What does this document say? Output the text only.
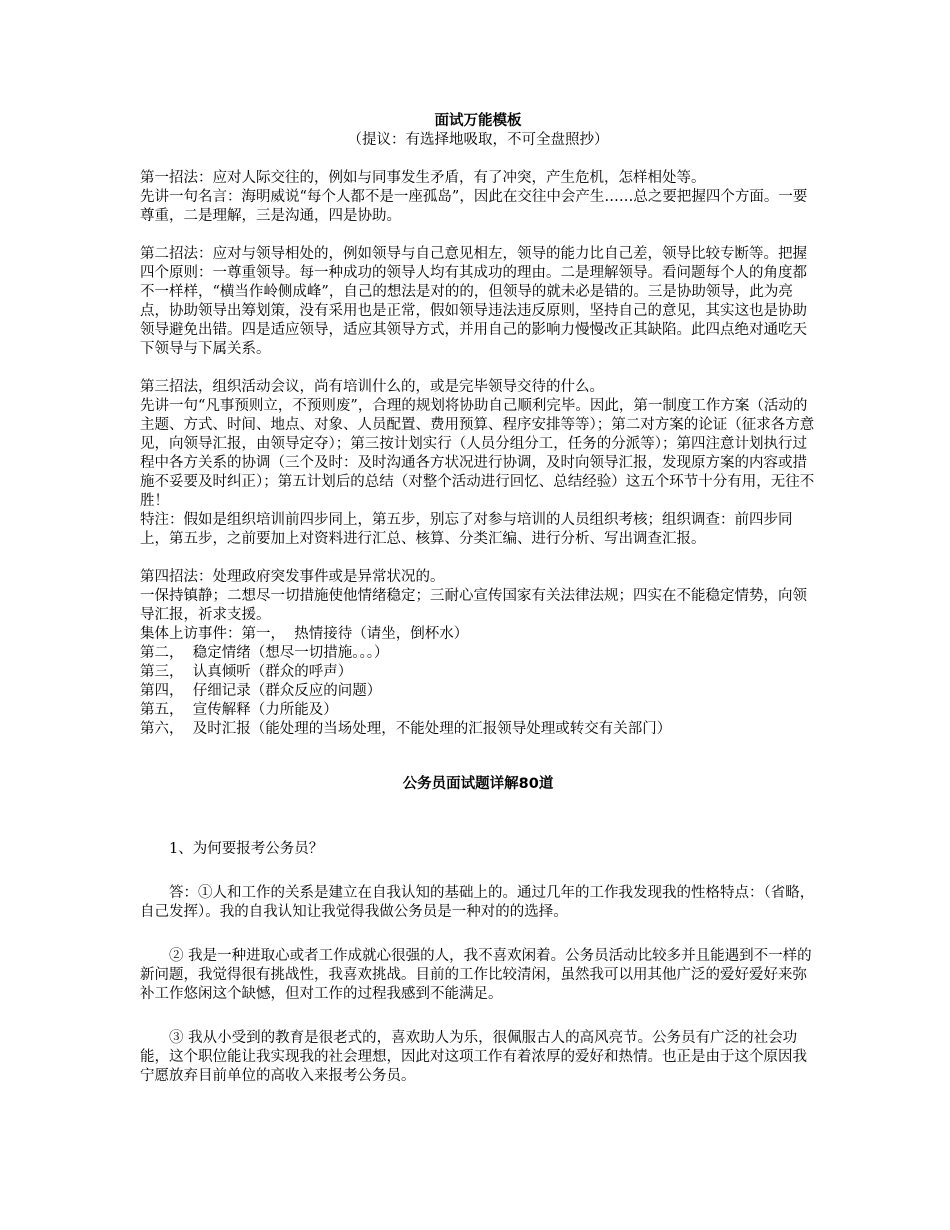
面试万能模板
（提议：有选择地吸取，不可全盘照抄）

第一招法：应对人际交往的，例如与同事发生矛盾，有了冲突，产生危机，怎样相处等。

先讲一句名言：海明威说“每个人都不是一座孤岛”，因此在交往中会产生……总之要把握四个方面。一要尊重，二是理解，三是沟通，四是协助。

第二招法：应对与领导相处的，例如领导与自己意见相左，领导的能力比自己差，领导比较专断等。把握四个原则：一尊重领导。每一种成功的领导人均有其成功的理由。二是理解领导。看问题每个人的角度都不一样样，“横当作岭侧成峰”，自己的想法是对的的，但领导的就未必是错的。三是协助领导，此为亮点，协助领导出筹划策，没有采用也是正常，假如领导违法违反原则，坚持自己的意见，其实这也是协助领导避免出错。四是适应领导，适应其领导方式，并用自己的影响力慢慢改正其缺陷。此四点绝对通吃天下领导与下属关系。

第三招法，组织活动会议，尚有培训什么的，或是完毕领导交待的什么。

先讲一句“凡事预则立，不预则废”，合理的规划将协助自己顺利完毕。因此，第一制度工作方案（活动的主题、方式、时间、地点、对象、人员配置、费用预算、程序安排等等）；第二对方案的论证（征求各方意见，向领导汇报，由领导定夺）；第三按计划实行（人员分组分工，任务的分派等）；第四注意计划执行过程中各方关系的协调（三个及时：及时沟通各方状况进行协调，及时向领导汇报，发现原方案的内容或措施不妥要及时纠正）；第五计划后的总结（对整个活动进行回忆、总结经验）这五个环节十分有用，无往不胜！

特注：假如是组织培训前四步同上，第五步，别忘了对参与培训的人员组织考核；组织调查：前四步同上，第五步，之前要加上对资料进行汇总、核算、分类汇编、进行分析、写出调查汇报。

第四招法：处理政府突发事件或是异常状况的。

一保持镇静；二想尽一切措施使他情绪稳定；三耐心宣传国家有关法律法规；四实在不能稳定情势，向领导汇报，祈求支援。

集体上访事件：第一，  热情接待（请坐，倒杯水）

第二，  稳定情绪（想尽一切措施。。。）

第三，  认真倾听（群众的呼声）

第四，  仔细记录（群众反应的问题）

第五，  宣传解释（力所能及）

第六，  及时汇报（能处理的当场处理，不能处理的汇报领导处理或转交有关部门）

公务员面试题详解80道

1、为何要报考公务员？

答：①人和工作的关系是建立在自我认知的基础上的。通过几年的工作我发现我的性格特点：（省略，自己发挥）。我的自我认知让我觉得我做公务员是一种对的的选择。

② 我是一种进取心或者工作成就心很强的人，我不喜欢闲着。公务员活动比较多并且能遇到不一样的新问题，我觉得很有挑战性，我喜欢挑战。目前的工作比较清闲，虽然我可以用其他广泛的爱好爱好来弥补工作悠闲这个缺憾，但对工作的过程我感到不能满足。

③ 我从小受到的教育是很老式的，喜欢助人为乐，很佩服古人的高风亮节。公务员有广泛的社会功能，这个职位能让我实现我的社会理想，因此对这项工作有着浓厚的爱好和热情。也正是由于这个原因我宁愿放弃目前单位的高收入来报考公务员。
